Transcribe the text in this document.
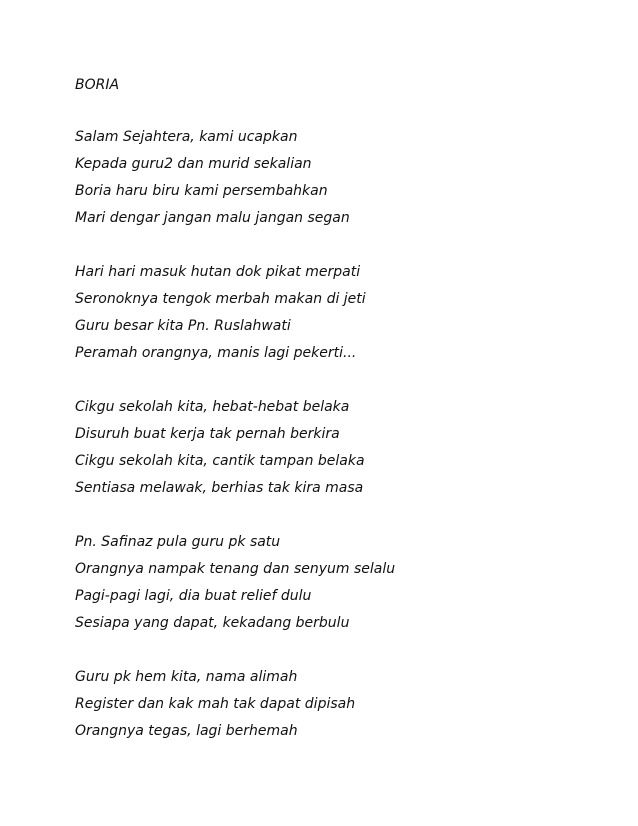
BORIA
Salam Sejahtera, kami ucapkan
Kepada guru2 dan murid sekalian
Boria haru biru kami persembahkan
Mari dengar jangan malu jangan segan
Hari hari masuk hutan dok pikat merpati
Seronoknya tengok merbah makan di jeti
Guru besar kita Pn. Ruslahwati
Peramah orangnya, manis lagi pekerti...
Cikgu sekolah kita, hebat-hebat belaka
Disuruh buat kerja tak pernah berkira
Cikgu sekolah kita, cantik tampan belaka
Sentiasa melawak, berhias tak kira masa
Pn. Safinaz pula guru pk satu
Orangnya nampak tenang dan senyum selalu
Pagi-pagi lagi, dia buat relief dulu
Sesiapa yang dapat, kekadang berbulu
Guru pk hem kita, nama alimah
Register dan kak mah tak dapat dipisah
Orangnya tegas, lagi berhemah
